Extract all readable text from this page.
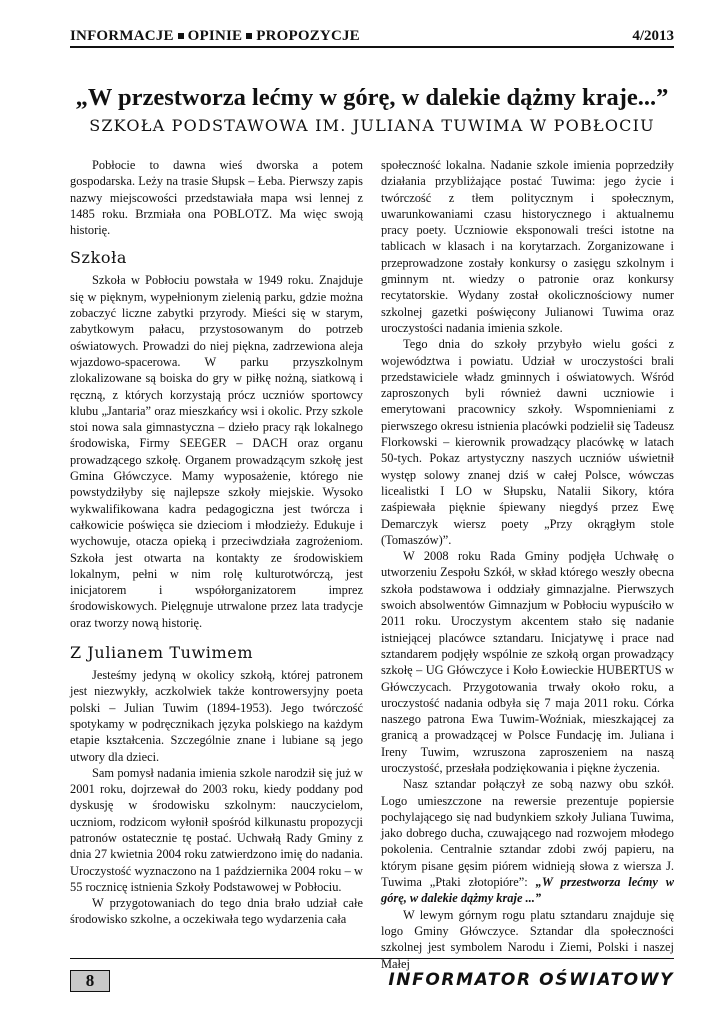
INFORMACJE OPINIE PROPOZYCJE	4/2013
„W przestworza lećmy w górę, w dalekie dążmy kraje...”
SZKOŁA PODSTAWOWA IM. JULIANA TUWIMA W POBŁOCIU

Pobłocie to dawna wieś dworska a potem gospodarska. Leży na trasie Słupsk – Łeba. Pierwszy zapis nazwy miejscowości przedstawiała mapa wsi lennej z 1485 roku. Brzmiała ona POBLOTZ. Ma więc swoją historię.

Szkoła

Szkoła w Pobłociu powstała w 1949 roku. Znajduje się w pięknym, wypełnionym zielenią parku, gdzie można zobaczyć liczne zabytki przyrody. Mieści się w starym, zabytkowym pałacu, przystosowanym do potrzeb oświatowych. Prowadzi do niej piękna, zadrzewiona aleja wjazdowo-spacerowa. W parku przyszkolnym zlokalizowane są boiska do gry w piłkę nożną, siatkową i ręczną, z których korzystają prócz uczniów sportowcy klubu „Jantaria” oraz mieszkańcy wsi i okolic. Przy szkole stoi nowa sala gimnastyczna – dzieło pracy rąk lokalnego środowiska, Firmy SEEGER – DACH oraz organu prowadzącego szkołę. Organem prowadzącym szkołę jest Gmina Główczyce. Mamy wyposażenie, którego nie powstydziłyby się najlepsze szkoły miejskie. Wysoko wykwalifikowana kadra pedagogiczna jest twórcza i całkowicie poświęca sie dzieciom i młodzieży. Edukuje i wychowuje, otacza opieką i przeciwdziała zagrożeniom. Szkoła jest otwarta na kontakty ze środowiskiem lokalnym, pełni w nim rolę kulturotwórczą, jest inicjatorem i współorganizatorem imprez środowiskowych. Pielęgnuje utrwalone przez lata tradycje oraz tworzy nową historię.

Z Julianem Tuwimem

Jesteśmy jedyną w okolicy szkołą, której patronem jest niezwykły, aczkolwiek także kontrowersyjny poeta polski – Julian Tuwim (1894-1953). Jego twórczość spotykamy w podręcznikach języka polskiego na każdym etapie kształcenia. Szczególnie znane i lubiane są jego utwory dla dzieci.

Sam pomysł nadania imienia szkole narodził się już w 2001 roku, dojrzewał do 2003 roku, kiedy poddany pod dyskusję w środowisku szkolnym: nauczycielom, uczniom, rodzicom wyłonił spośród kilkunastu propozycji patronów ostatecznie tę postać. Uchwałą Rady Gminy z dnia 27 kwietnia 2004 roku zatwierdzono imię do nadania. Uroczystość wyznaczono na 1 października 2004 roku – w 55 rocznicę istnienia Szkoły Podstawowej w Pobłociu.

W przygotowaniach do tego dnia brało udział całe środowisko szkolne, a oczekiwała tego wydarzenia cała

społeczność lokalna. Nadanie szkole imienia poprzedziły działania przybliżające postać Tuwima: jego życie i twórczość z tłem politycznym i społecznym, uwarunkowaniami czasu historycznego i aktualnemu pracy poety. Uczniowie eksponowali treści istotne na tablicach w klasach i na korytarzach. Zorganizowane i przeprowadzone zostały konkursy o zasięgu szkolnym i gminnym nt. wiedzy o patronie oraz konkursy recytatorskie. Wydany został okolicznościowy numer szkolnej gazetki poświęcony Julianowi Tuwima oraz uroczystości nadania imienia szkole.

Tego dnia do szkoły przybyło wielu gości z województwa i powiatu. Udział w uroczystości brali przedstawiciele władz gminnych i oświatowych. Wśród zaproszonych byli również dawni uczniowie i emerytowani pracownicy szkoły. Wspomnieniami z pierwszego okresu istnienia placówki podzielił się Tadeusz Florkowski – kierownik prowadzący placówkę w latach 50-tych. Pokaz artystyczny naszych uczniów uświetnił występ solowy znanej dziś w całej Polsce, wówczas licealistki I LO w Słupsku, Natalii Sikory, która zaśpiewała pięknie śpiewany niegdyś przez Ewę Demarczyk wiersz poety „Przy okrągłym stole (Tomaszów)”.

W 2008 roku Rada Gminy podjęła Uchwałę o utworzeniu Zespołu Szkół, w skład którego weszły obecna szkoła podstawowa i oddziały gimnazjalne. Pierwszych swoich absolwentów Gimnazjum w Pobłociu wypuściło w 2011 roku. Uroczystym akcentem stało się nadanie istniejącej placówce sztandaru. Inicjatywę i prace nad sztandarem podjęły wspólnie ze szkołą organ prowadzący szkołę – UG Główczyce i Koło Łowieckie HUBERTUS w Główczycach. Przygotowania trwały około roku, a uroczystość nadania odbyła się 7 maja 2011 roku. Córka naszego patrona Ewa Tuwim-Woźniak, mieszkającej za granicą a prowadzącej w Polsce Fundację im. Juliana i Ireny Tuwim, wzruszona zaproszeniem na naszą uroczystość, przesłała podziękowania i piękne życzenia.

Nasz sztandar połączył ze sobą nazwy obu szkół. Logo umieszczone na rewersie prezentuje popiersie pochylającego się nad budynkiem szkoły Juliana Tuwima, jako dobrego ducha, czuwającego nad rozwojem młodego pokolenia. Centralnie sztandar zdobi zwój papieru, na którym pisane gęsim piórem widnieją słowa z wiersza J. Tuwima „Ptaki złotopióre”: „W przestworza lećmy w górę, w dalekie dążmy kraje ...”

W lewym górnym rogu platu sztandaru znajduje się logo Gminy Główczyce. Sztandar dla społeczności szkolnej jest symbolem Narodu i Ziemi, Polski i naszej Małej

8	INFORMATOR OŚWIATOWY
